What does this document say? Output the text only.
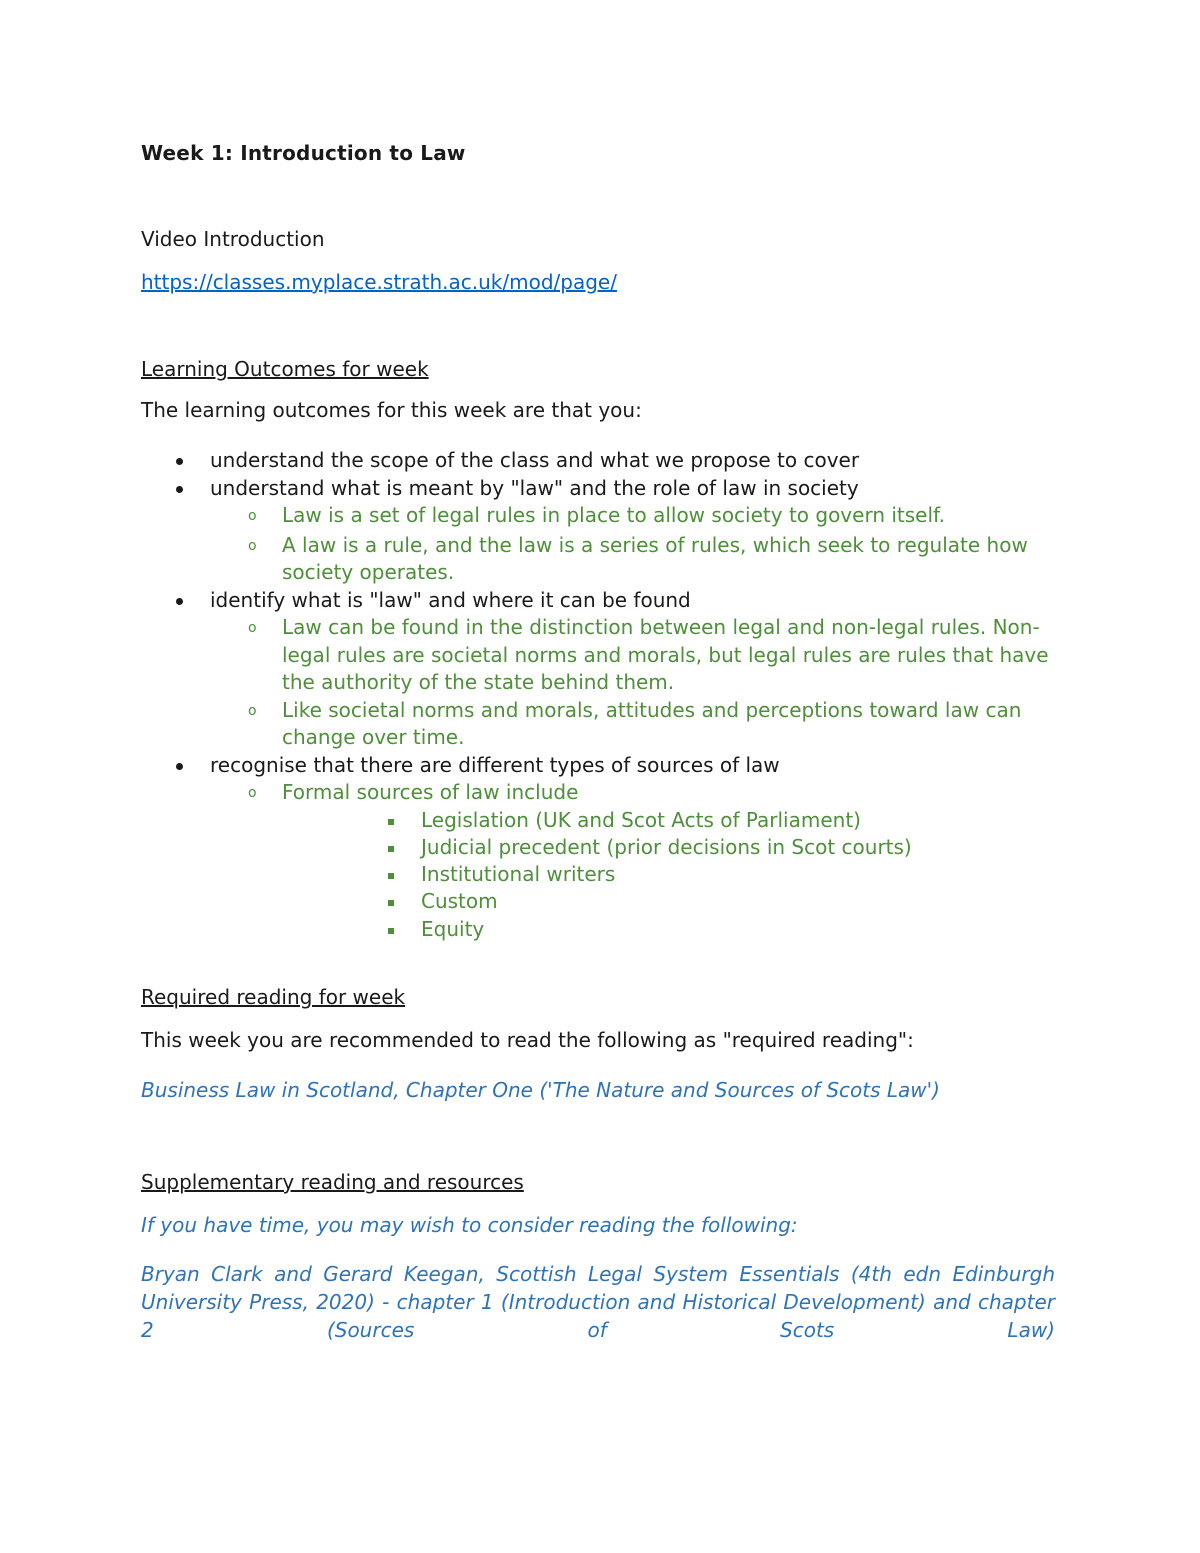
Week 1: Introduction to Law
Video Introduction
https://classes.myplace.strath.ac.uk/mod/page/
Learning Outcomes for week
The learning outcomes for this week are that you:
understand the scope of the class and what we propose to cover
understand what is meant by "law" and the role of law in society
o Law is a set of legal rules in place to allow society to govern itself.
o A law is a rule, and the law is a series of rules, which seek to regulate how society operates.
identify what is "law" and where it can be found
o Law can be found in the distinction between legal and non-legal rules. Non-legal rules are societal norms and morals, but legal rules are rules that have the authority of the state behind them.
o Like societal norms and morals, attitudes and perceptions toward law can change over time.
recognise that there are different types of sources of law
o Formal sources of law include
Legislation (UK and Scot Acts of Parliament)
Judicial precedent (prior decisions in Scot courts)
Institutional writers
Custom
Equity
Required reading for week
This week you are recommended to read the following as "required reading":
Business Law in Scotland, Chapter One ('The Nature and Sources of Scots Law')
Supplementary reading and resources
If you have time, you may wish to consider reading the following:
Bryan Clark and Gerard Keegan, Scottish Legal System Essentials (4th edn Edinburgh University Press, 2020) - chapter 1 (Introduction and Historical Development) and chapter 2 (Sources of Scots Law)
